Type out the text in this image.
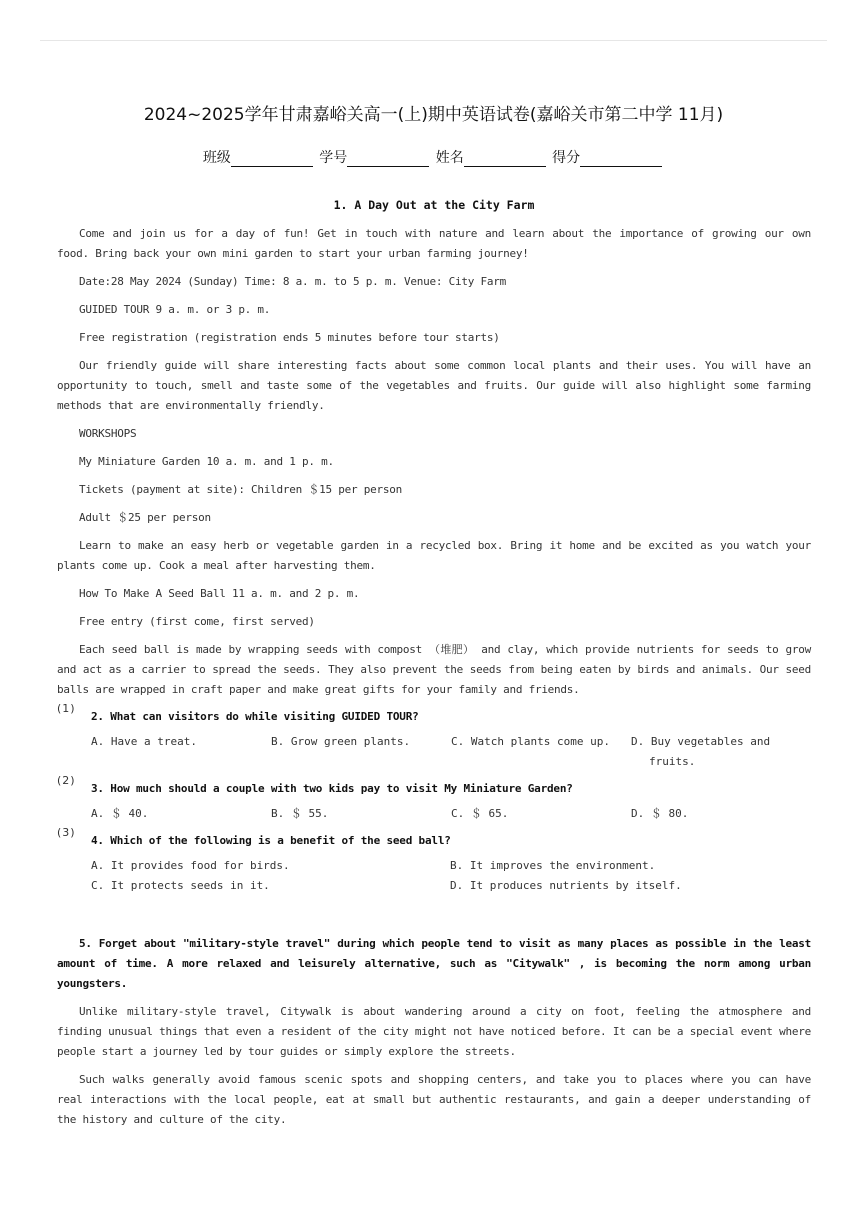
2024~2025学年甘肃嘉峪关高一(上)期中英语试卷(嘉峪关市第二中学 11月)
班级	学号	姓名	得分
1. A Day Out at the City Farm

Come and join us for a day of fun! Get in touch with nature and learn about the importance of growing our own food. Bring back your own mini garden to start your urban farming journey!

Date:28 May 2024 (Sunday) Time: 8 a. m. to 5 p. m. Venue: City Farm

GUIDED TOUR 9 a. m. or 3 p. m.

Free registration (registration ends 5 minutes before tour starts)

Our friendly guide will share interesting facts about some common local plants and their uses. You will have an opportunity to touch, smell and taste some of the vegetables and fruits. Our guide will also highlight some farming methods that are environmentally friendly.

WORKSHOPS

My Miniature Garden 10 a. m. and 1 p. m.

Tickets (payment at site): Children ＄15 per person

Adult ＄25 per person

Learn to make an easy herb or vegetable garden in a recycled box. Bring it home and be excited as you watch your plants come up. Cook a meal after harvesting them.

How To Make A Seed Ball 11 a. m. and 2 p. m.

Free entry (first come, first served)

Each seed ball is made by wrapping seeds with compost （堆肥） and clay, which provide nutrients for seeds to grow and act as a carrier to spread the seeds. They also prevent the seeds from being eaten by birds and animals. Our seed balls are wrapped in craft paper and make great gifts for your family and friends.

(1)
2. What can visitors do while visiting GUIDED TOUR?
A. Have a treat.	B. Grow green plants.	C. Watch plants come up.	D. Buy vegetables and fruits.
(2)
3. How much should a couple with two kids pay to visit My Miniature Garden?
A. ＄ 40.	B. ＄ 55.	C. ＄ 65.	D. ＄ 80.
(3)
4. Which of the following is a benefit of the seed ball?
A. It provides food for birds.	B. It improves the environment.
C. It protects seeds in it.	D. It produces nutrients by itself.

5. Forget about "military-style travel" during which people tend to visit as many places as possible in the least amount of time. A more relaxed and leisurely alternative, such as "Citywalk" , is becoming the norm among urban youngsters.

Unlike military-style travel, Citywalk is about wandering around a city on foot, feeling the atmosphere and finding unusual things that even a resident of the city might not have noticed before. It can be a special event where people start a journey led by tour guides or simply explore the streets.

Such walks generally avoid famous scenic spots and shopping centers, and take you to places where you can have real interactions with the local people, eat at small but authentic restaurants, and gain a deeper understanding of the history and culture of the city.
